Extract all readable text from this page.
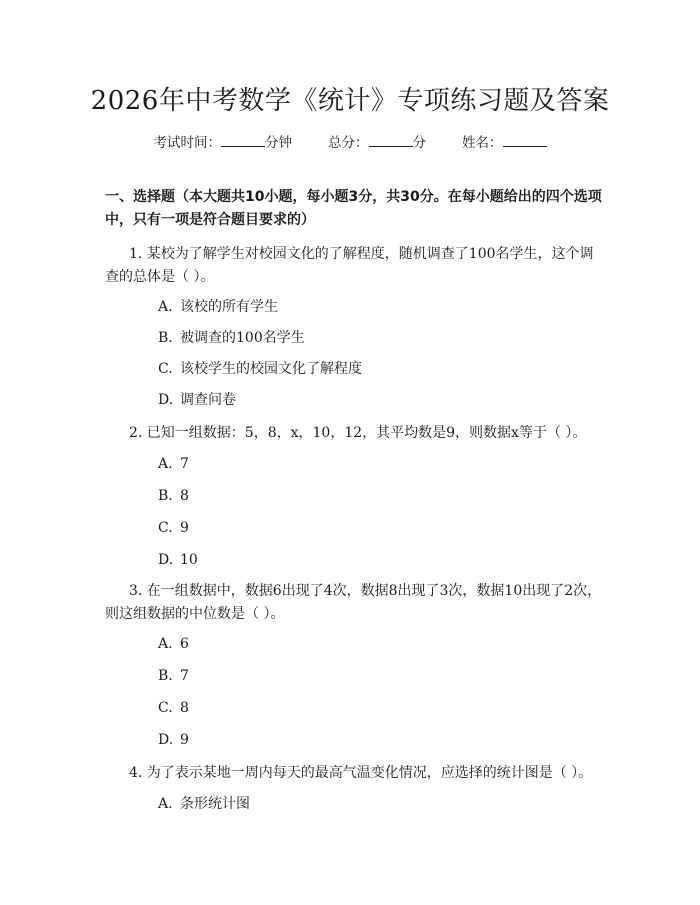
2026年中考数学《统计》专项练习题及答案
考试时间：	分钟	总分：	分	姓名：
一、选择题（本大题共10小题，每小题3分，共30分。在每小题给出的四个选项中，只有一项是符合题目要求的）
1. 某校为了解学生对校园文化的了解程度，随机调查了100名学生，这个调查的总体是（ ）。
A. 该校的所有学生
B. 被调查的100名学生
C. 该校学生的校园文化了解程度
D. 调查问卷
2. 已知一组数据：5，8，x，10，12，其平均数是9，则数据x等于（ ）。
A. 7
B. 8
C. 9
D. 10
3. 在一组数据中，数据6出现了4次，数据8出现了3次，数据10出现了2次，则这组数据的中位数是（ ）。
A. 6
B. 7
C. 8
D. 9
4. 为了表示某地一周内每天的最高气温变化情况，应选择的统计图是（ ）。
A. 条形统计图
